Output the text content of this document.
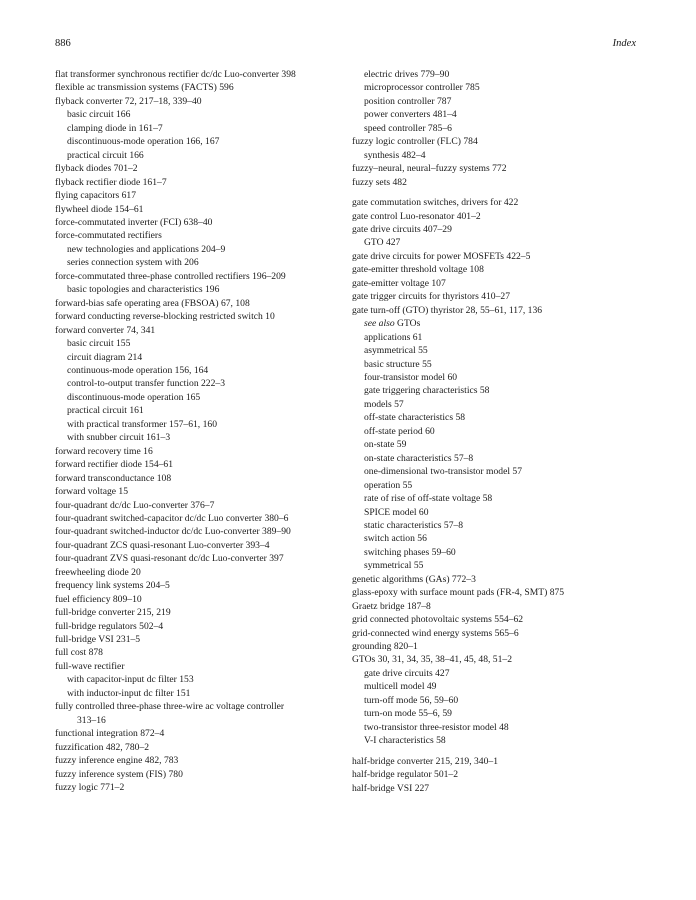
886	Index
flat transformer synchronous rectifier dc/dc Luo-converter 398
flexible ac transmission systems (FACTS) 596
flyback converter 72, 217–18, 339–40
basic circuit 166
clamping diode in 161–7
discontinuous-mode operation 166, 167
practical circuit 166
flyback diodes 701–2
flyback rectifier diode 161–7
flying capacitors 617
flywheel diode 154–61
force-commutated inverter (FCI) 638–40
force-commutated rectifiers
new technologies and applications 204–9
series connection system with 206
force-commutated three-phase controlled rectifiers 196–209
basic topologies and characteristics 196
forward-bias safe operating area (FBSOA) 67, 108
forward conducting reverse-blocking restricted switch 10
forward converter 74, 341
basic circuit 155
circuit diagram 214
continuous-mode operation 156, 164
control-to-output transfer function 222–3
discontinuous-mode operation 165
practical circuit 161
with practical transformer 157–61, 160
with snubber circuit 161–3
forward recovery time 16
forward rectifier diode 154–61
forward transconductance 108
forward voltage 15
four-quadrant dc/dc Luo-converter 376–7
four-quadrant switched-capacitor dc/dc Luo converter 380–6
four-quadrant switched-inductor dc/dc Luo-converter 389–90
four-quadrant ZCS quasi-resonant Luo-converter 393–4
four-quadrant ZVS quasi-resonant dc/dc Luo-converter 397
freewheeling diode 20
frequency link systems 204–5
fuel efficiency 809–10
full-bridge converter 215, 219
full-bridge regulators 502–4
full-bridge VSI 231–5
full cost 878
full-wave rectifier
with capacitor-input dc filter 153
with inductor-input dc filter 151
fully controlled three-phase three-wire ac voltage controller
313–16
functional integration 872–4
fuzzification 482, 780–2
fuzzy inference engine 482, 783
fuzzy inference system (FIS) 780
fuzzy logic 771–2
electric drives 779–90
microprocessor controller 785
position controller 787
power converters 481–4
speed controller 785–6
fuzzy logic controller (FLC) 784
synthesis 482–4
fuzzy–neural, neural–fuzzy systems 772
fuzzy sets 482
gate commutation switches, drivers for 422
gate control Luo-resonator 401–2
gate drive circuits 407–29
GTO 427
gate drive circuits for power MOSFETs 422–5
gate-emitter threshold voltage 108
gate-emitter voltage 107
gate trigger circuits for thyristors 410–27
gate turn-off (GTO) thyristor 28, 55–61, 117, 136
see also GTOs
applications 61
asymmetrical 55
basic structure 55
four-transistor model 60
gate triggering characteristics 58
models 57
off-state characteristics 58
off-state period 60
on-state 59
on-state characteristics 57–8
one-dimensional two-transistor model 57
operation 55
rate of rise of off-state voltage 58
SPICE model 60
static characteristics 57–8
switch action 56
switching phases 59–60
symmetrical 55
genetic algorithms (GAs) 772–3
glass-epoxy with surface mount pads (FR-4, SMT) 875
Graetz bridge 187–8
grid connected photovoltaic systems 554–62
grid-connected wind energy systems 565–6
grounding 820–1
GTOs 30, 31, 34, 35, 38–41, 45, 48, 51–2
gate drive circuits 427
multicell model 49
turn-off mode 56, 59–60
turn-on mode 55–6, 59
two-transistor three-resistor model 48
V-I characteristics 58
half-bridge converter 215, 219, 340–1
half-bridge regulator 501–2
half-bridge VSI 227
